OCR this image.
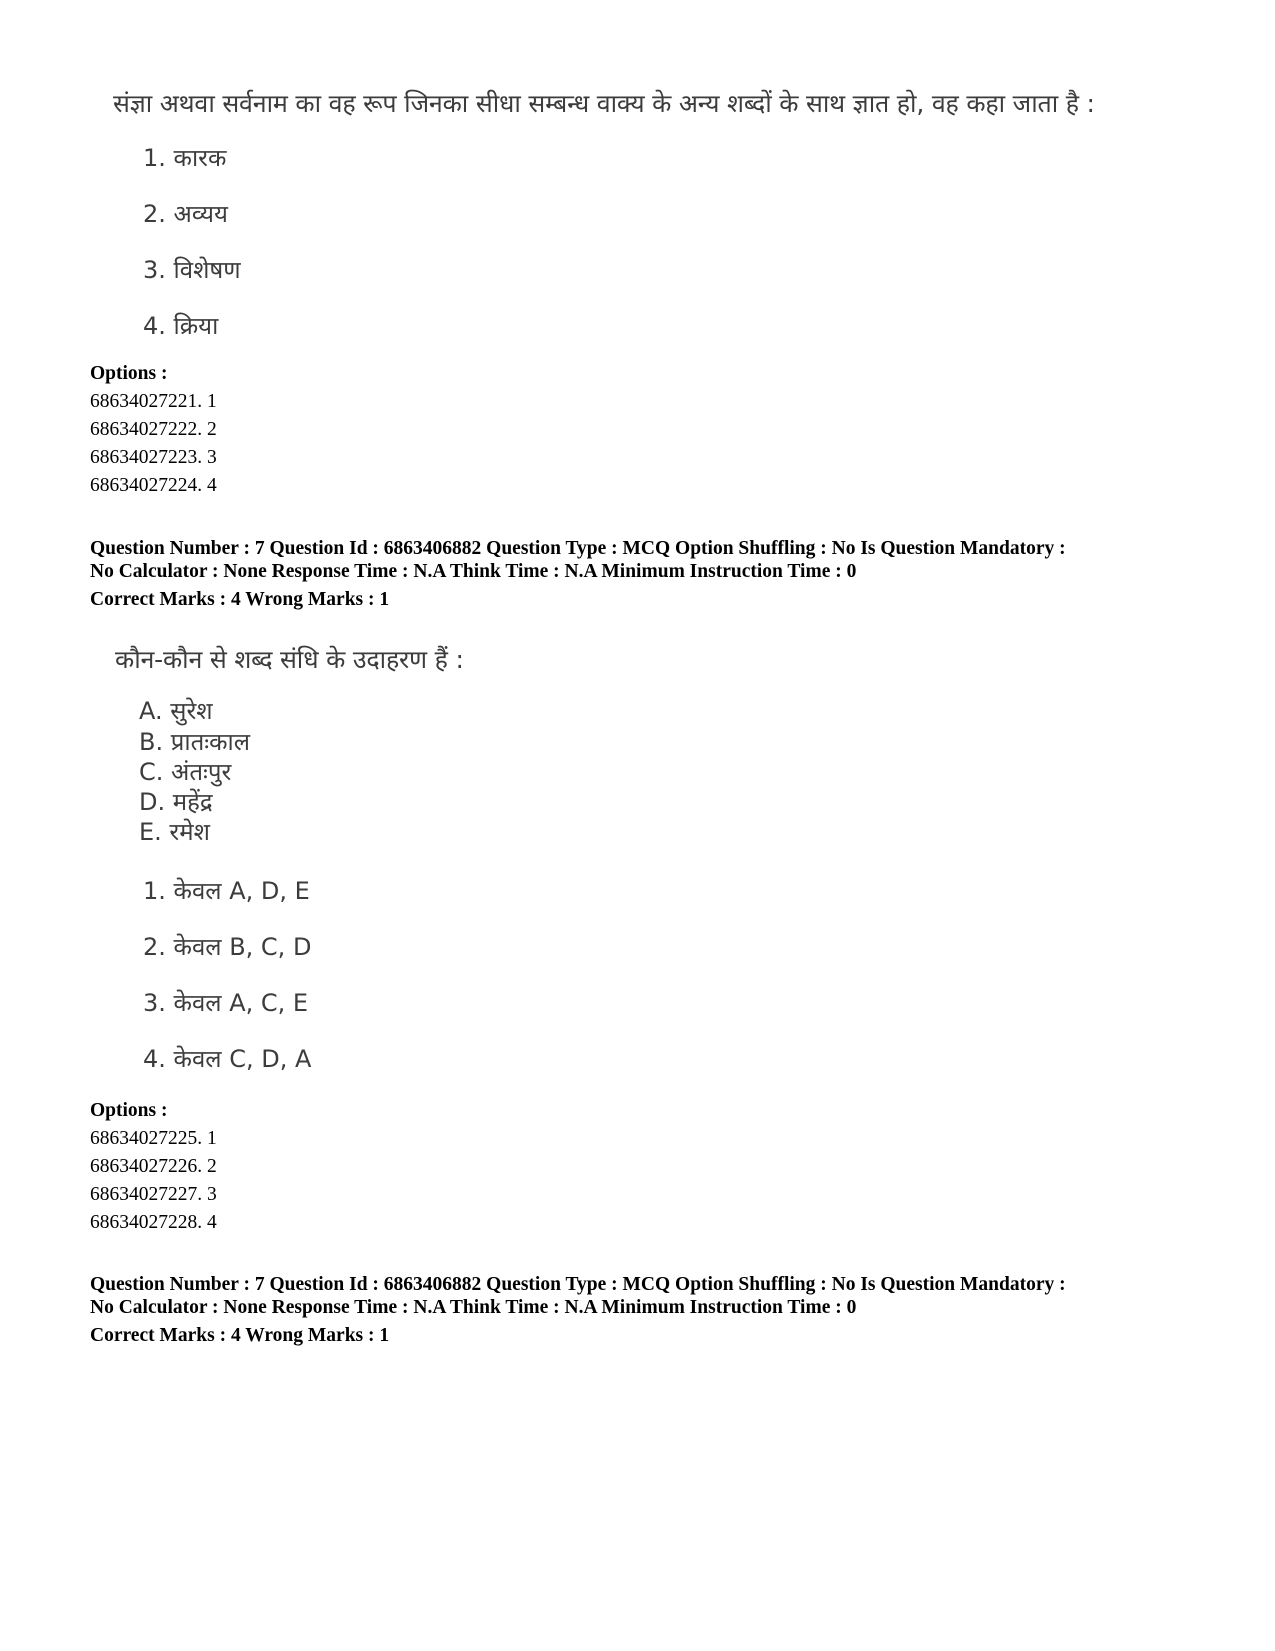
संज्ञा अथवा सर्वनाम का वह रूप जिनका सीधा सम्बन्ध वाक्य के अन्य शब्दों के साथ ज्ञात हो, वह कहा जाता है :
1. कारक
2. अव्यय
3. विशेषण
4. क्रिया
Options :
68634027221. 1
68634027222. 2
68634027223. 3
68634027224. 4
Question Number : 7 Question Id : 6863406882 Question Type : MCQ Option Shuffling : No Is Question Mandatory :
No Calculator : None Response Time : N.A Think Time : N.A Minimum Instruction Time : 0
Correct Marks : 4 Wrong Marks : 1
कौन-कौन से शब्द संधि के उदाहरण हैं :
A. सुरेश
B. प्रातःकाल
C. अंतःपुर
D. महेंद्र
E. रमेश
1. केवल A, D, E
2. केवल B, C, D
3. केवल A, C, E
4. केवल C, D, A
Options :
68634027225. 1
68634027226. 2
68634027227. 3
68634027228. 4
Question Number : 7 Question Id : 6863406882 Question Type : MCQ Option Shuffling : No Is Question Mandatory :
No Calculator : None Response Time : N.A Think Time : N.A Minimum Instruction Time : 0
Correct Marks : 4 Wrong Marks : 1
